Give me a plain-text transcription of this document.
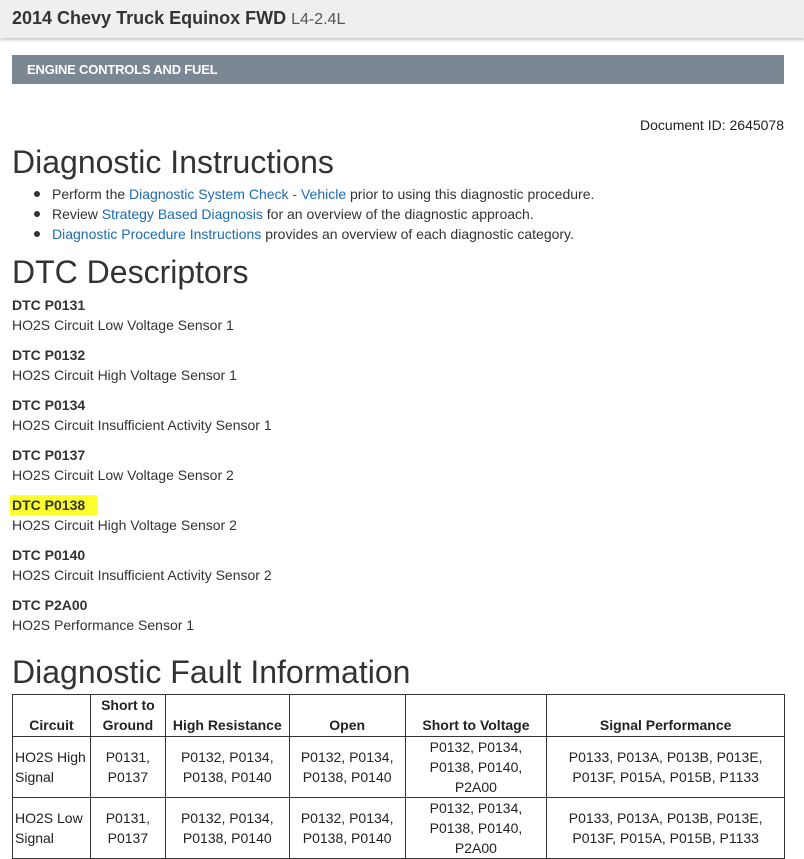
2014 Chevy Truck Equinox FWD L4-2.4L
ENGINE CONTROLS AND FUEL
Document ID: 2645078
Diagnostic Instructions
Perform the Diagnostic System Check - Vehicle prior to using this diagnostic procedure.
Review Strategy Based Diagnosis for an overview of the diagnostic approach.
Diagnostic Procedure Instructions provides an overview of each diagnostic category.
DTC Descriptors
DTC P0131
HO2S Circuit Low Voltage Sensor 1
DTC P0132
HO2S Circuit High Voltage Sensor 1
DTC P0134
HO2S Circuit Insufficient Activity Sensor 1
DTC P0137
HO2S Circuit Low Voltage Sensor 2
DTC P0138
HO2S Circuit High Voltage Sensor 2
DTC P0140
HO2S Circuit Insufficient Activity Sensor 2
DTC P2A00
HO2S Performance Sensor 1
Diagnostic Fault Information
Circuit	Short to Ground	High Resistance	Open	Short to Voltage	Signal Performance
HO2S High Signal	P0131, P0137	P0132, P0134, P0138, P0140	P0132, P0134, P0138, P0140	P0132, P0134, P0138, P0140, P2A00	P0133, P013A, P013B, P013E, P013F, P015A, P015B, P1133
HO2S Low Signal	P0131, P0137	P0132, P0134, P0138, P0140	P0132, P0134, P0138, P0140	P0132, P0134, P0138, P0140, P2A00	P0133, P013A, P013B, P013E, P013F, P015A, P015B, P1133
